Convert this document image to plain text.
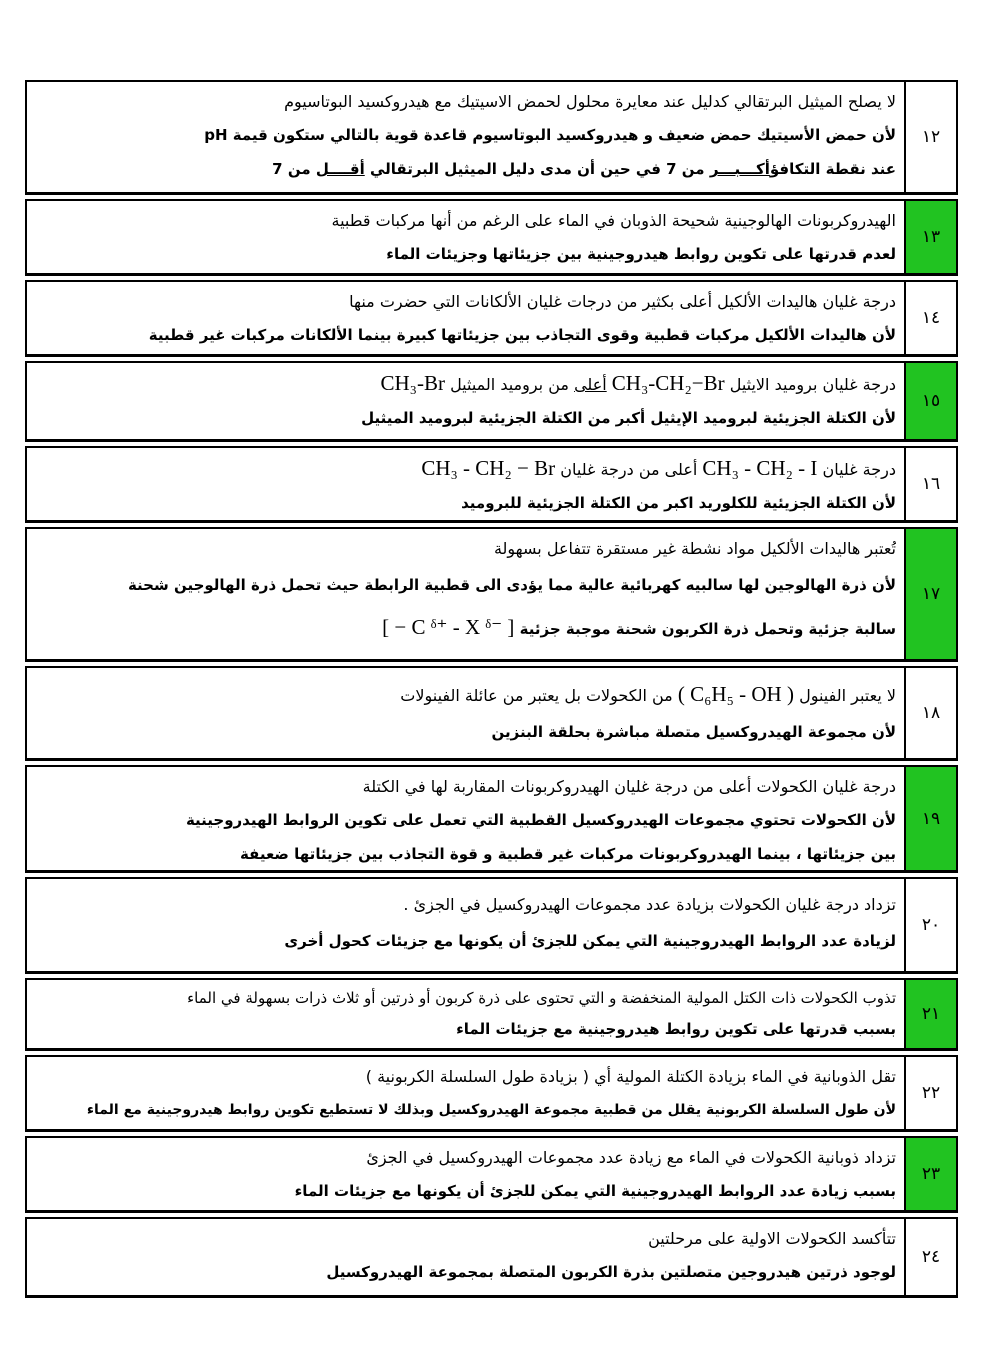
١٢
لا يصلح الميثيل البرتقالي كدليل عند معايرة محلول لحمض الاسيتيك مع هيدروكسيد البوتاسيوم
لأن حمض الأسيتيك حمض ضعيف و هيدروكسيد البوتاسيوم قاعدة قوية بالتالي ستكون قيمة pH
عند نقطة التكافؤأكـــبـــر من 7 في حين أن مدى دليل الميثيل البرتقالي أقــــل من 7
١٣
الهيدروكربونات الهالوجينية شحيحة الذوبان في الماء على الرغم من أنها مركبات قطبية
لعدم قدرتها على تكوين روابط هيدروجينية بين جزيئاتها وجزيئات الماء
١٤
درجة غليان هاليدات الألكيل أعلى بكثير من درجات غليان الألكانات التي حضرت منها
لأن هاليدات الألكيل مركبات قطبية وقوى التجاذب بين جزيئاتها كبيرة بينما الألكانات مركبات غير قطبية
١٥
درجة غليان بروميد الايثيل CH₃-CH₂−Br أعلى من بروميد الميثيل CH₃-Br
لأن الكتلة الجزيئية لبروميد الإيثيل أكبر من الكتلة الجزيئية لبروميد الميثيل
١٦
درجة غليان CH₃ - CH₂ - I أعلى من درجة غليان CH₃ - CH₂ − Br
لأن الكتلة الجزيئية للكلوريد اكبر من الكتلة الجزيئية للبروميد
١٧
تُعتبر هاليدات الألكيل مواد نشطة غير مستقرة تتفاعل بسهولة
لأن ذرة الهالوجين لها سالبيه كهربائية عالية مما يؤدى الى قطبية الرابطة حيث تحمل ذرة الهالوجين شحنة
سالبة جزئية وتحمل ذرة الكربون شحنة موجبة جزئية [ − C ᵟ⁺ - X ᵟ⁻ ]
١٨
لا يعتبر الفينول ( C₆H₅ - OH ) من الكحولات بل يعتبر من عائلة الفينولات
لأن مجموعة الهيدروكسيل متصلة مباشرة بحلقة البنزين
١٩
درجة غليان الكحولات أعلى من درجة غليان الهيدروكربونات المقاربة لها في الكتلة
لأن الكحولات تحتوي مجموعات الهيدروكسيل القطبية التي تعمل على تكوين الروابط الهيدروجينية
بين جزيئاتها ، بينما الهيدروكربونات مركبات غير قطبية و قوة التجاذب بين جزيئاتها ضعيفة
٢٠
تزداد درجة غليان الكحولات بزيادة عدد مجموعات الهيدروكسيل في الجزئ .
لزيادة عدد الروابط الهيدروجينية التي يمكن للجزئ أن يكونها مع جزيئات كحول أخرى
٢١
تذوب الكحولات ذات الكتل المولية المنخفضة و التي تحتوى على ذرة كربون أو ذرتين أو ثلاث ذرات بسهولة في الماء
بسبب قدرتها على تكوين روابط هيدروجينية مع جزيئات الماء
٢٢
تقل الذوبانية في الماء بزيادة الكتلة المولية أي ( بزيادة طول السلسلة الكربونية )
لأن طول السلسلة الكربونية يقلل من قطبية مجموعة الهيدروكسيل وبذلك لا تستطيع تكوين روابط هيدروجينية مع الماء
٢٣
تزداد ذوبانية الكحولات في الماء مع زيادة عدد مجموعات الهيدروكسيل في الجزئ
بسبب زيادة عدد الروابط الهيدروجينية التي يمكن للجزئ أن يكونها مع جزيئات الماء
٢٤
تتأكسد الكحولات الاولية على مرحلتين
لوجود ذرتين هيدروجين متصلتين بذرة الكربون المتصلة بمجموعة الهيدروكسيل
